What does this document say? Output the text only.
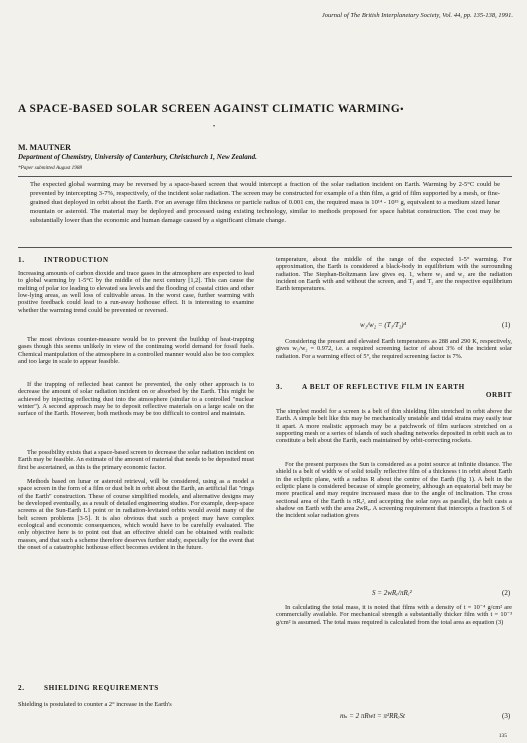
Journal of The British Interplanetary Society, Vol. 44, pp. 135-138, 1991.
A SPACE-BASED SOLAR SCREEN AGAINST CLIMATIC WARMING•
•
M. MAUTNER
Department of Chemistry, University of Canterbury, Christchurch 1, New Zealand.
*Paper submitted August 1988
The expected global warming may be reversed by a space-based screen that would intercept a fraction of the solar radiation incident on Earth. Warming by 2-5°C could be prevented by intercepting 3-7%, respectively, of the incident solar radiation. The screen may be constructed for example of a thin film, a grid of film supported by a mesh, or fine-grained dust deployed in orbit about the Earth. For an average film thickness or particle radius of 0.001 cm, the required mass is 10¹⁴ - 10¹⁵ g, equivalent to a medium sized lunar mountain or asteroid. The material may be deployed and processed using existing technology, similar to methods proposed for space habitat construction. The cost may be substantially lower than the economic and human damage caused by a significant climate change.
1.	INTRODUCTION
Increasing amounts of carbon dioxide and trace gases in the atmosphere are expected to lead to global warming by 1-5°C by the middle of the next century [1,2]. This can cause the melting of polar ice leading to elevated sea levels and the flooding of coastal cities and other low-lying areas, as well loss of cultivable areas. In the worst case, further warming with positive feedback could lead to a run-away hothouse effect. It is interesting to examine whether the warming trend could be prevented or reversed.
The most obvious counter-measure would be to prevent the buildup of heat-trapping gases though this seems unlikely in view of the continuing world demand for fossil fuels. Chemical manipulation of the atmosphere in a controlled manner would also be too complex and too large in scale to appear feasible.
If the trapping of reflected heat cannot be prevented, the only other approach is to decrease the amount of solar radiation incident on or absorbed by the Earth. This might be achieved by injecting reflecting dust into the atmosphere (similar to a controlled "nuclear winter"). A second approach may be to deposit reflective materials on a large scale on the surface of the Earth. However, both methods may be too difficult to control and maintain.
The possibility exists that a space-based screen to decrease the solar radiation incident on Earth may be feasible. An estimate of the amount of material that needs to be deposited must first be ascertained, as this is the primary economic factor.
Methods based on lunar or asteroid retrieval, will be considered, using as a model a space screen in the form of a film or dust belt in orbit about the Earth, an artificial flat "rings of the Earth" construction. These of course simplified models, and alternative designs may be developed eventually, as a result of detailed engineering studies. For example, deep-space screens at the Sun-Earth L1 point or in radiation-levitated orbits would avoid many of the belt screen problems [3-5]. It is also obvious that such a project may have complex ecological and economic consequences, which would have to be carefully evaluated. The only objective here is to point out that an effective shield can be obtained with realistic masses, and that such a scheme therefore deserves further study, especially for the event that the onset of a catastrophic hothouse effect becomes evident in the future.
2.	SHIELDING REQUIREMENTS
Shielding is postulated to counter a 2° increase in the Earth's
temperature, about the middle of the range of the expected 1-5° warming. For approximation, the Earth is considered a black-body in equilibrium with the surrounding radiation. The Stephan-Boltzmann law gives eq. 1, where w₁ and w₂ are the radiation incident on Earth with and without the screen, and T₁ and T₂ are the respective equilibrium Earth temperatures.
w₁/w₂ = (T₁/T₂)⁴	(1)
Considering the present and elevated Earth temperatures as 288 and 290 K, respectively, gives w₁/w₂ = 0.972, i.e. a required screening factor of about 3% of the incident solar radiation. For a warming effect of 5°, the required screening factor is 7%.
3.	A BELT OF REFLECTIVE FILM IN EARTH
ORBIT
The simplest model for a screen is a belt of thin shielding film stretched in orbit above the Earth. A simple belt like this may be mechanically unstable and tidal strains may easily tear it apart. A more realistic approach may be a patchwork of film surfaces stretched on a supporting mesh or a series of islands of such shading networks deposited in orbit such as to constitute a belt about the Earth, each maintained by orbit-correcting rockets.
For the present purposes the Sun is considered as a point source at infinite distance. The shield is a belt of width w of solid totally reflective film of a thickness t in orbit about Earth in the ecliptic plane, with a radius R about the centre of the Earth (fig 1). A belt in the ecliptic plane is considered because of simple geometry, although an equatorial belt may be more practical and may require increased mass due to the angle of inclination. The cross sectional area of the Earth is πRₑ², and accepting the solar rays as parallel, the belt casts a shadow on Earth with the area 2wRₑ. A screening requirement that intercepts a fraction S of the incident solar radiation gives
S = 2wRₑ/πRₑ²	(2)
In calculating the total mass, it is noted that films with a density of t = 10⁻⁴ g/cm² are commercially available. For mechanical strength a substantially thicker film with t = 10⁻³ g/cm² is assumed. The total mass required is calculated from the total area as equation (3)
mₛ = 2 πRwt = π²RRₑSt	(3)
135
